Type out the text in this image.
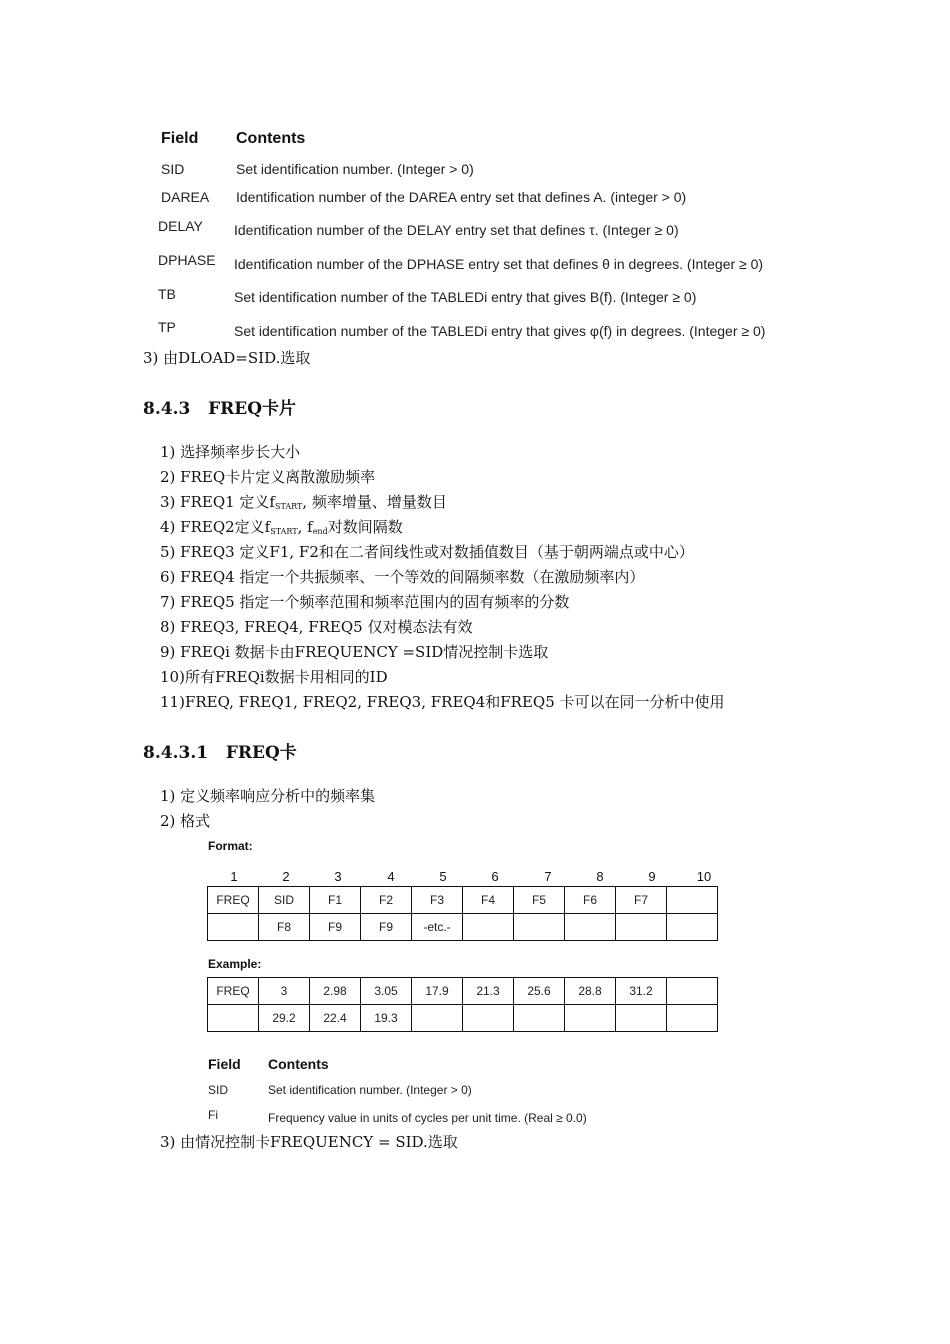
Field Contents
SID	Set identification number. (Integer > 0)
DAREA Identification number of the DAREA entry set that defines A. (integer > 0)
DELAY Identification number of the DELAY entry set that defines τ. (Integer ≥ 0)
DPHASE Identification number of the DPHASE entry set that defines θ in degrees. (Integer ≥ 0)
TB	Set identification number of the TABLEDi entry that gives B(f). (Integer ≥ 0)
TP	Set identification number of the TABLEDi entry that gives φ(f) in degrees. (Integer ≥ 0)
3) 由DLOAD=SID.选取
8.4.3 FREQ卡片
1) 选择频率步长大小
2) FREQ卡片定义离散激励频率
3) FREQ1 定义$f_{START}$, 频率增量、增量数目
4) FREQ2定义$f_{START}$, $f_{end}$对数间隔数
5) FREQ3 定义F1, F2和在二者间线性或对数插值数目（基于朝两端点或中心）
6) FREQ4 指定一个共振频率、一个等效的间隔频率数（在激励频率内）
7) FREQ5 指定一个频率范围和频率范围内的固有频率的分数
8) FREQ3, FREQ4, FREQ5 仅对模态法有效
9) FREQi 数据卡由FREQUENCY =SID情况控制卡选取
10)所有FREQi数据卡用相同的ID
11)FREQ, FREQ1, FREQ2, FREQ3, FREQ4和FREQ5 卡可以在同一分析中使用
8.4.3.1 FREQ卡
1) 定义频率响应分析中的频率集
2) 格式
Format:
1	2	3	4	5	6	7	8	9	10
FREQ	SID	F1	F2	F3	F4	F5	F6	F7	
	F8	F9	F9	-etc.-					
Example:
FREQ	3	2.98	3.05	17.9	21.3	25.6	28.8	31.2	
	29.2	22.4	19.3						
Field Contents
SID	Set identification number. (Integer > 0)
Fi	Frequency value in units of cycles per unit time. (Real ≥ 0.0)
3) 由情况控制卡FREQUENCY = SID.选取
